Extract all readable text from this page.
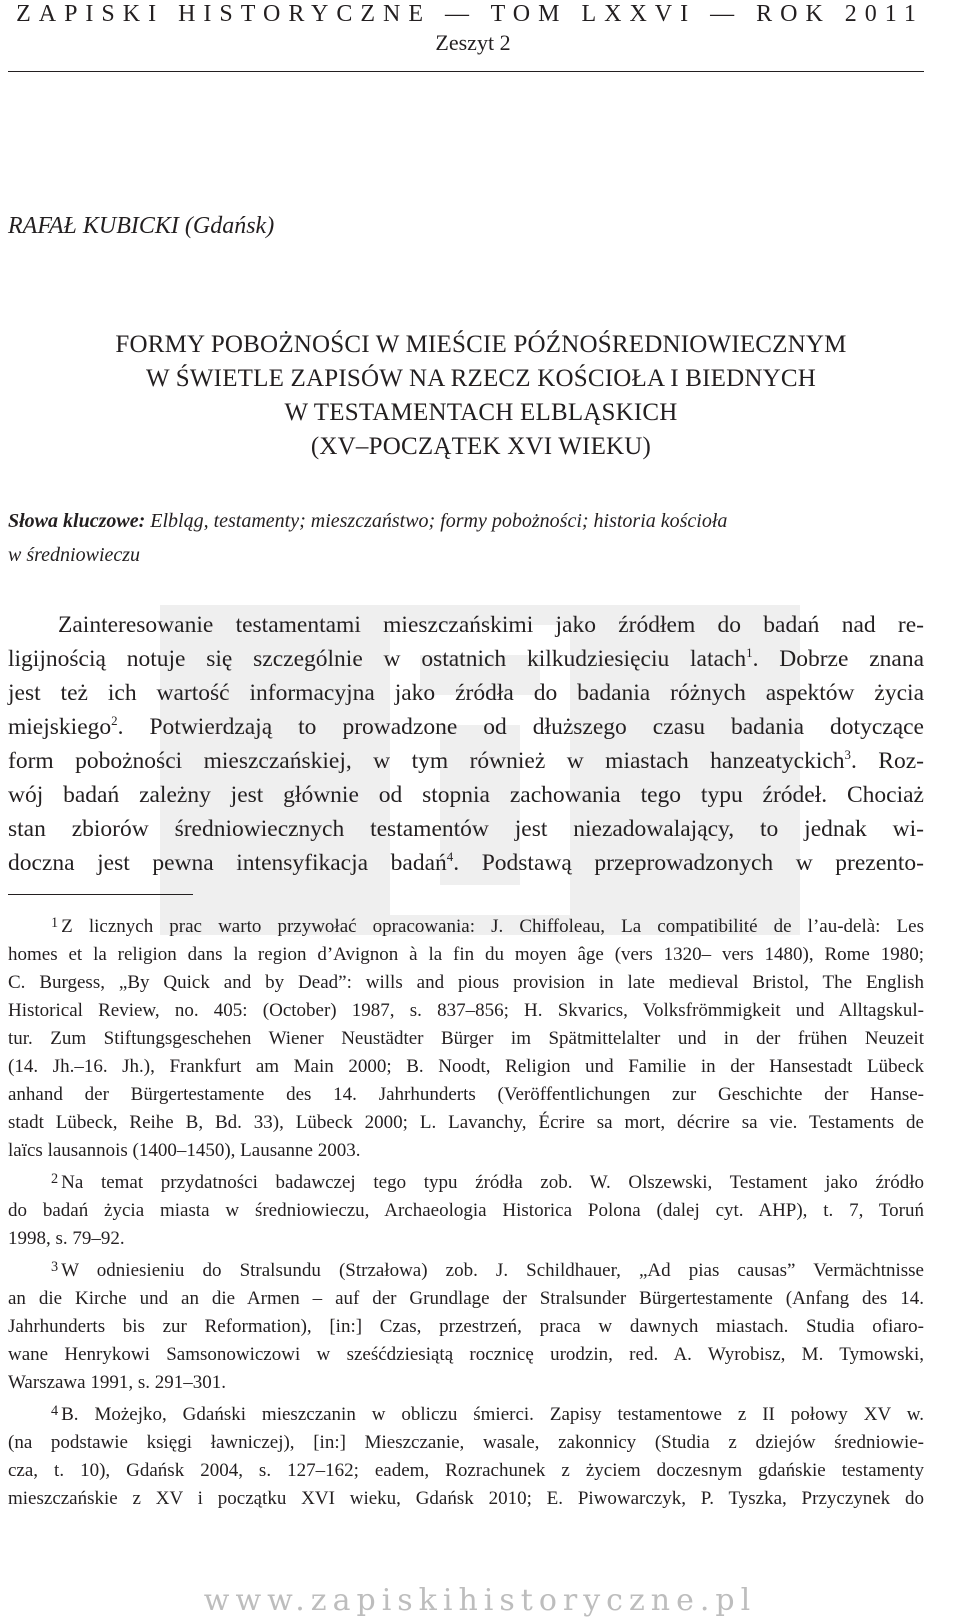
ZAPISKI HISTORYCZNE — TOM LXXVI — ROK 2011
Zeszyt 2
RAFAŁ KUBICKI (Gdańsk)
FORMY POBOŻNOŚCI W MIEŚCIE PÓŹNOŚREDNIOWIECZNYM
W ŚWIETLE ZAPISÓW NA RZECZ KOŚCIOŁA I BIEDNYCH
W TESTAMENTACH ELBLĄSKICH
(XV–POCZĄTEK XVI WIEKU)
Słowa kluczowe: Elbląg, testamenty; mieszczaństwo; formy pobożności; historia kościoła
w średniowieczu
Zainteresowanie testamentami mieszczańskimi jako źródłem do badań nad re-
ligijnością notuje się szczególnie w ostatnich kilkudziesięciu latach$^1$. Dobrze znana
jest też ich wartość informacyjna jako źródła do badania różnych aspektów życia
miejskiego$^2$. Potwierdzają to prowadzone od dłuższego czasu badania dotyczące
form pobożności mieszczańskiej, w tym również w miastach hanzeatyckich$^3$. Roz-
wój badań zależny jest głównie od stopnia zachowania tego typu źródeł. Chociaż
stan zbiorów średniowiecznych testamentów jest niezadowalający, to jednak wi-
doczna jest pewna intensyfikacja badań$^4$. Podstawą przeprowadzonych w prezento-
$^1$ Z licznych prac warto przywołać opracowania: J. Chiffoleau, La compatibilité de l’au-delà: Les
homes et la religion dans la region d’Avignon à la fin du moyen âge (vers 1320– vers 1480), Rome 1980;
C. Burgess, „By Quick and by Dead”: wills and pious provision in late medieval Bristol, The English
Historical Review, no. 405: (October) 1987, s. 837–856; H. Skvarics, Volksfrömmigkeit und Alltagskul-
tur. Zum Stiftungsgeschehen Wiener Neustädter Bürger im Spätmittelalter und in der frühen Neuzeit
(14. Jh.–16. Jh.), Frankfurt am Main 2000; B. Noodt, Religion und Familie in der Hansestadt Lübeck
anhand der Bürgertestamente des 14. Jahrhunderts (Veröffentlichungen zur Geschichte der Hanse-
stadt Lübeck, Reihe B, Bd. 33), Lübeck 2000; L. Lavanchy, Écrire sa mort, décrire sa vie. Testaments de
laïcs lausannois (1400–1450), Lausanne 2003.
$^2$ Na temat przydatności badawczej tego typu źródła zob. W. Olszewski, Testament jako źródło
do badań życia miasta w średniowieczu, Archaeologia Historica Polona (dalej cyt. AHP), t. 7, Toruń
1998, s. 79–92.
$^3$ W odniesieniu do Stralsundu (Strzałowa) zob. J. Schildhauer, „Ad pias causas” Vermächtnisse
an die Kirche und an die Armen – auf der Grundlage der Stralsunder Bürgertestamente (Anfang des 14.
Jahrhunderts bis zur Reformation), [in:] Czas, przestrzeń, praca w dawnych miastach. Studia ofiaro-
wane Henrykowi Samsonowiczowi w sześćdziesiątą rocznicę urodzin, red. A. Wyrobisz, M. Tymowski,
Warszawa 1991, s. 291–301.
$^4$ B. Możejko, Gdański mieszczanin w obliczu śmierci. Zapisy testamentowe z II połowy XV w.
(na podstawie księgi ławniczej), [in:] Mieszczanie, wasale, zakonnicy (Studia z dziejów średniowie-
cza, t. 10), Gdańsk 2004, s. 127–162; eadem, Rozrachunek z życiem doczesnym gdańskie testamenty
mieszczańskie z XV i początku XVI wieku, Gdańsk 2010; E. Piwowarczyk, P. Tyszka, Przyczynek do
www.zapiskihistoryczne.pl
